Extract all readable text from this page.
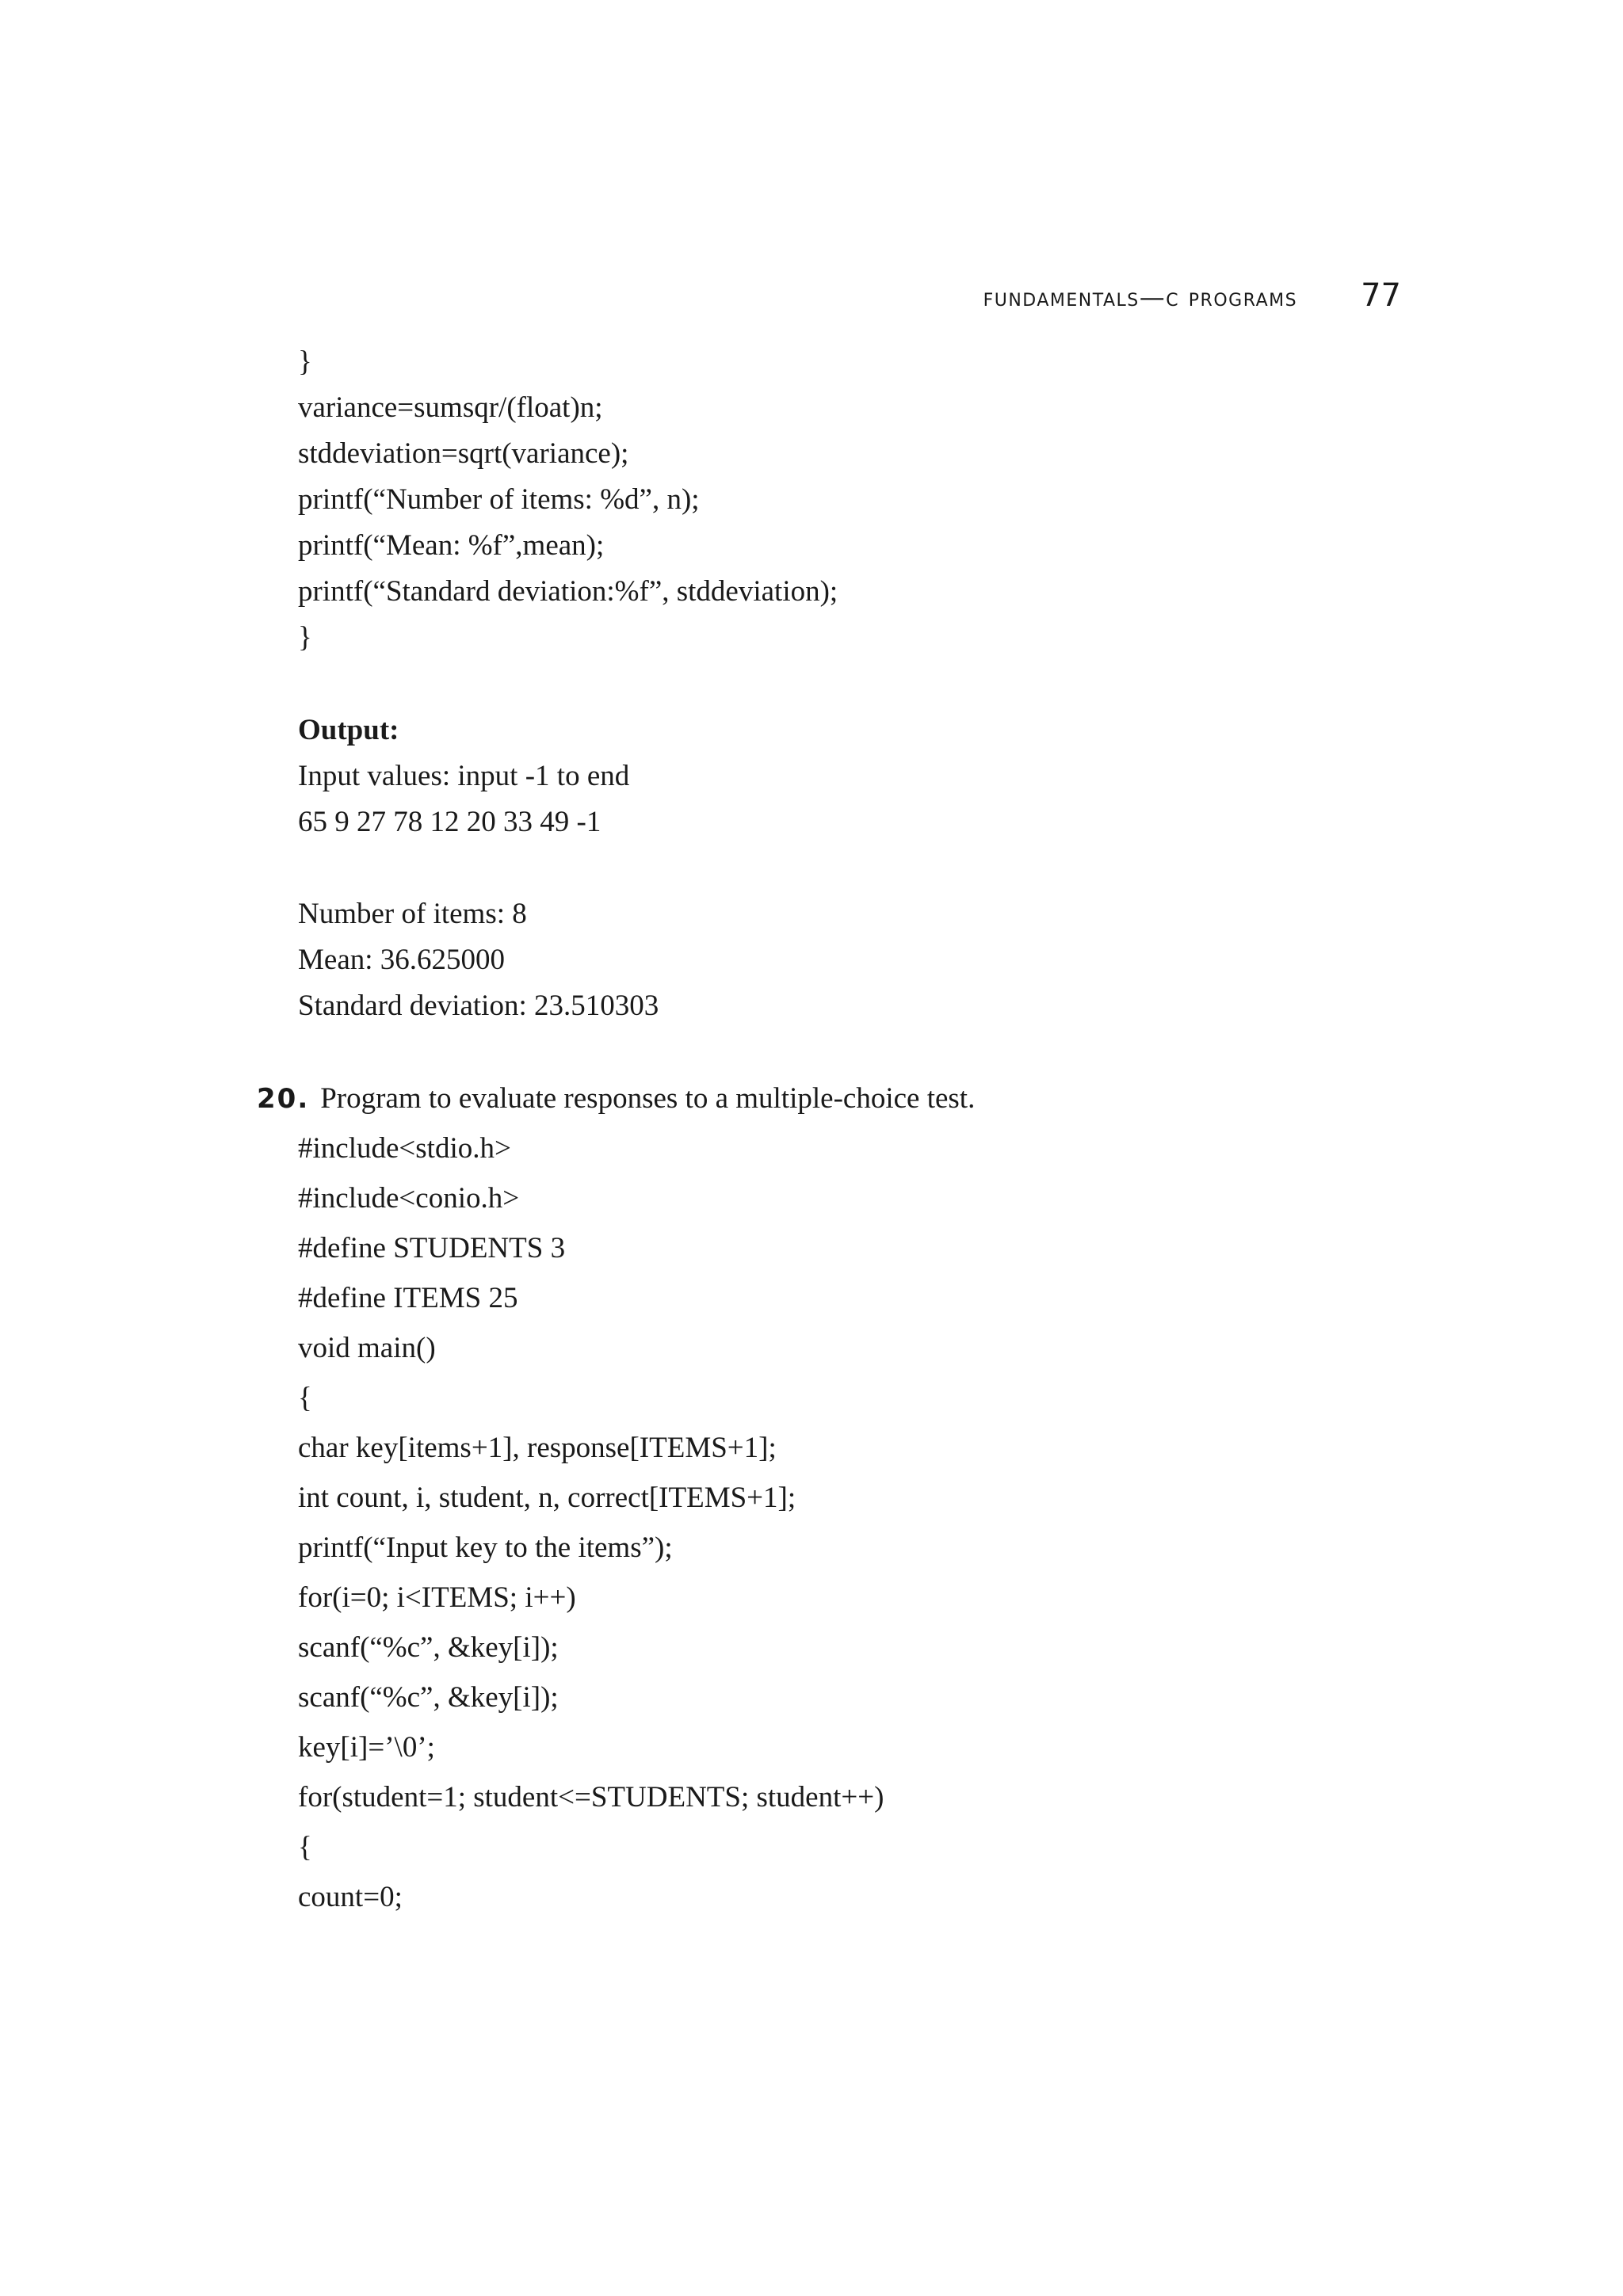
fundamentals—c programs 77
}
variance=sumsqr/(float)n;
stddeviation=sqrt(variance);
printf(“Number of items: %d”, n);
printf(“Mean: %f”,mean);
printf(“Standard deviation:%f”, stddeviation);
}
Output:
Input values: input -1 to end
65 9 27 78 12 20 33 49 -1
Number of items: 8
Mean: 36.625000
Standard deviation: 23.510303
20. Program to evaluate responses to a multiple-choice test.
#include<stdio.h>
#include<conio.h>
#define STUDENTS 3
#define ITEMS 25
void main()
{
char key[items+1], response[ITEMS+1];
int count, i, student, n, correct[ITEMS+1];
printf(“Input key to the items”);
for(i=0; i<ITEMS; i++)
scanf(“%c”, &key[i]);
scanf(“%c”, &key[i]);
key[i]=’\0’;
for(student=1; student<=STUDENTS; student++)
{
count=0;
